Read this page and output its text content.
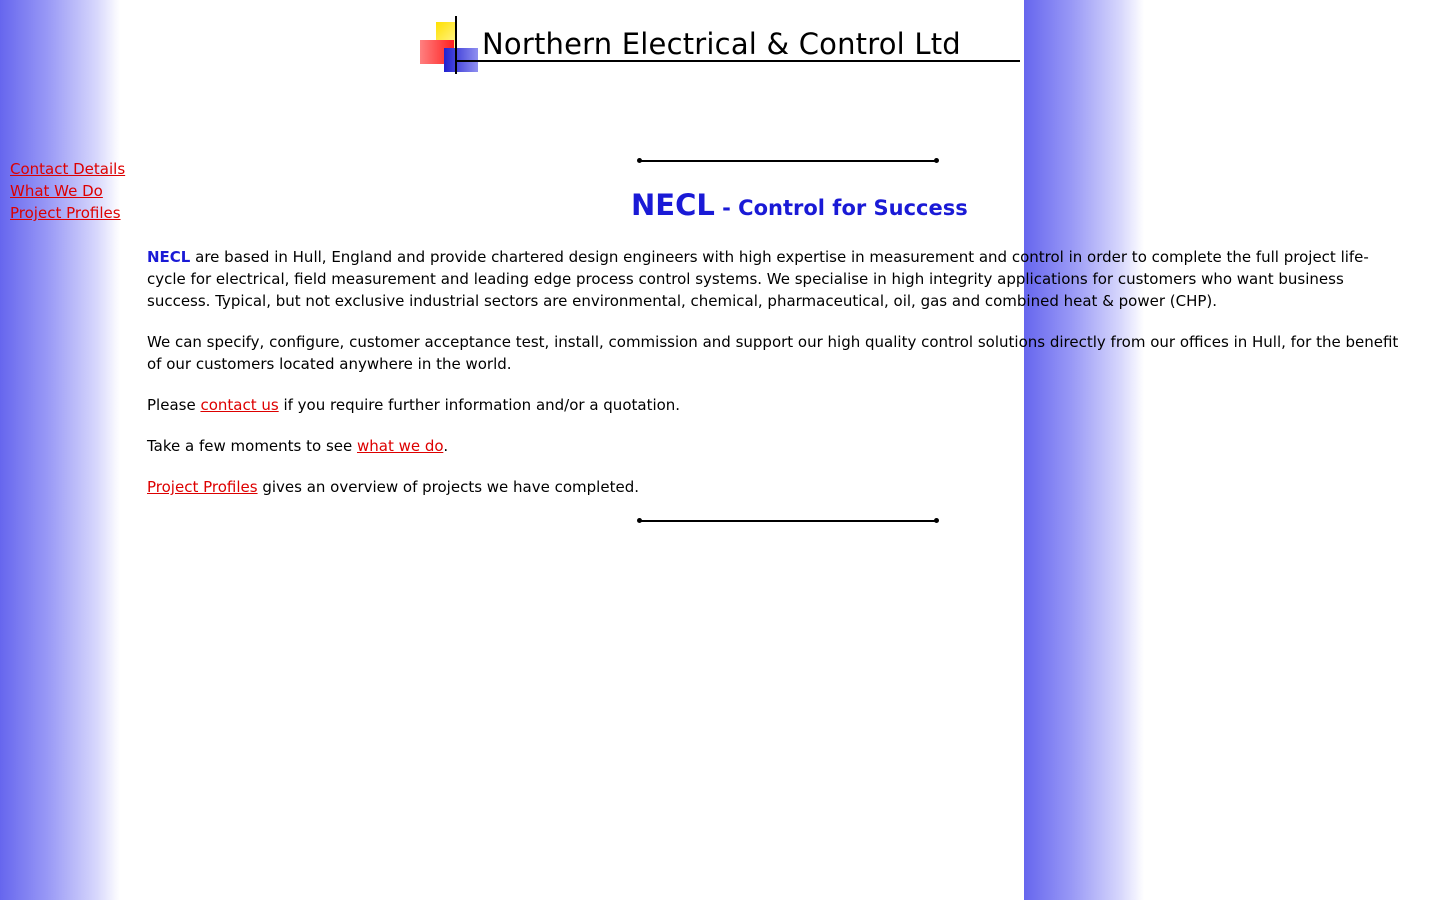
Northern Electrical & Control Ltd
Contact Details
What We Do
Project Profiles	NECL - Control for Success

NECL are based in Hull, England and provide chartered design engineers with high expertise in measurement and control in order to complete the full project life-cycle for electrical, field measurement and leading edge process control systems. We specialise in high integrity applications for customers who want business success. Typical, but not exclusive industrial sectors are environmental, chemical, pharmaceutical, oil, gas and combined heat & power (CHP).

We can specify, configure, customer acceptance test, install, commission and support our high quality control solutions directly from our offices in Hull, for the benefit of our customers located anywhere in the world.

Please contact us if you require further information and/or a quotation.

Take a few moments to see what we do.

Project Profiles gives an overview of projects we have completed.
